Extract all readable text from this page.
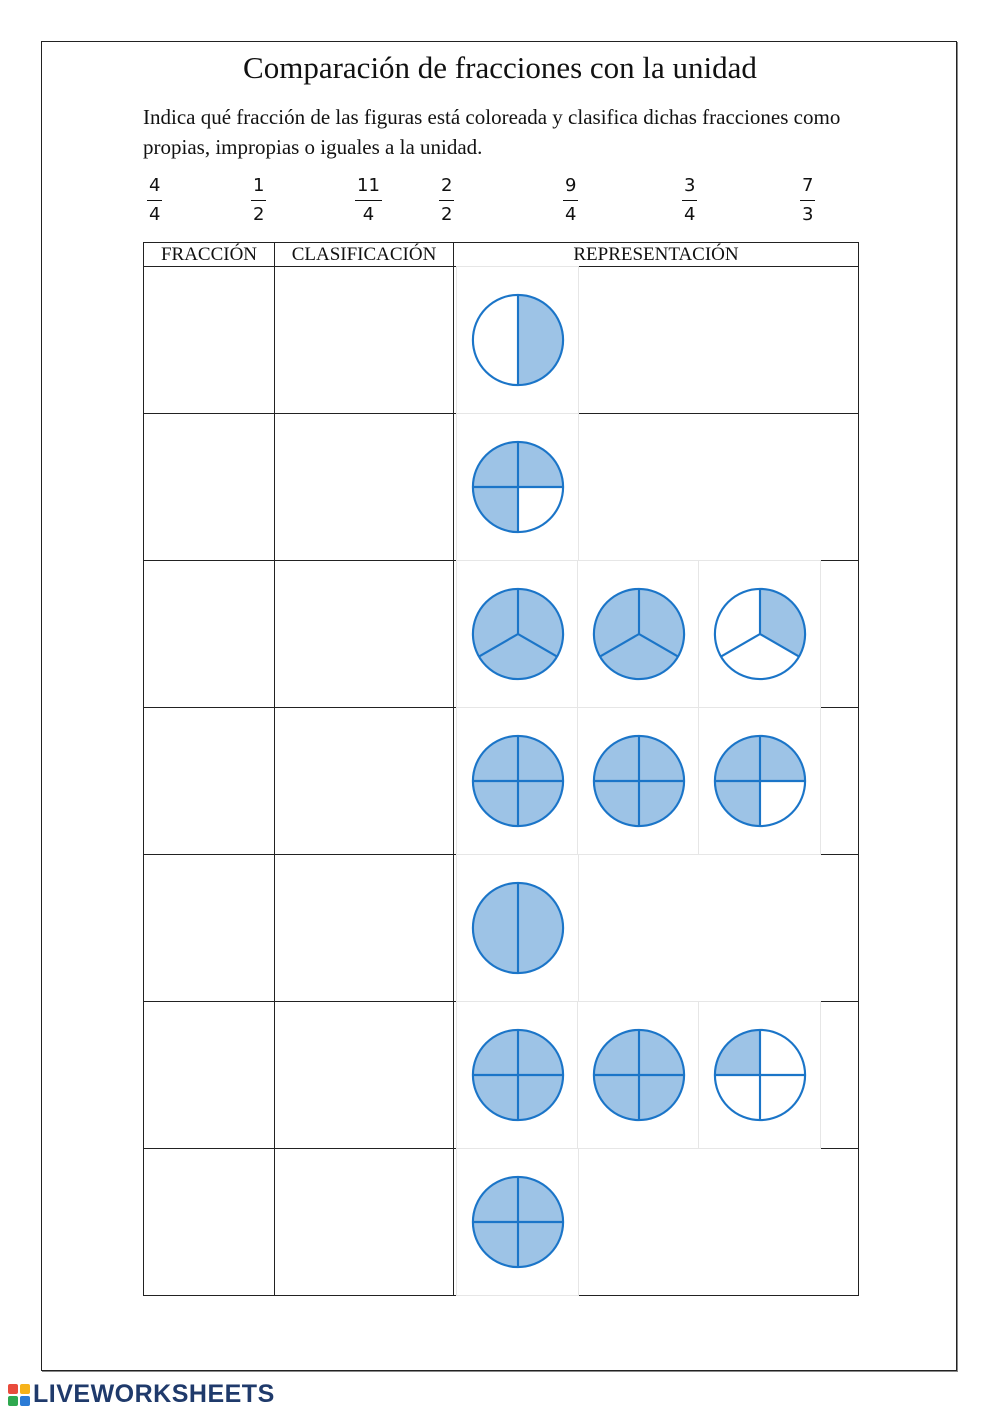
Comparación de fracciones con la unidad
Indica qué fracción de las figuras está coloreada y clasifica dichas fracciones como propias, impropias o iguales a la unidad.
4
4
1
2
11
4
2
2
9
4
3
4
7
3
FRACCIÓN	CLASIFICACIÓN	REPRESENTACIÓN

LIVEWORKSHEETS
